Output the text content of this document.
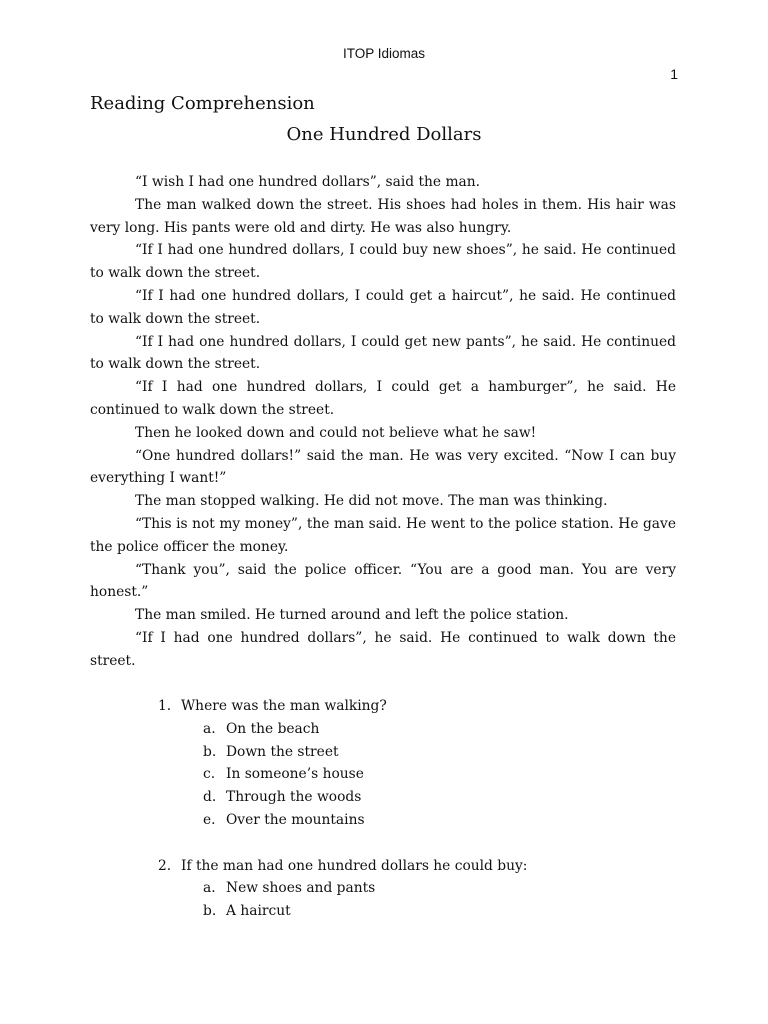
ITOP Idiomas
1
Reading Comprehension
One Hundred Dollars

“I wish I had one hundred dollars”, said the man.

The man walked down the street. His shoes had holes in them. His hair was very long. His pants were old and dirty. He was also hungry.

“If I had one hundred dollars, I could buy new shoes”, he said. He continued to walk down the street.

“If I had one hundred dollars, I could get a haircut”, he said. He continued to walk down the street.

“If I had one hundred dollars, I could get new pants”, he said. He continued to walk down the street.

“If I had one hundred dollars, I could get a hamburger”, he said. He continued to walk down the street.

Then he looked down and could not believe what he saw!

“One hundred dollars!” said the man. He was very excited. “Now I can buy everything I want!”

The man stopped walking. He did not move. The man was thinking.

“This is not my money”, the man said. He went to the police station. He gave the police officer the money.

“Thank you”, said the police officer. “You are a good man. You are very honest.”

The man smiled. He turned around and left the police station.

“If I had one hundred dollars”, he said. He continued to walk down the street.

1. Where was the man walking?
a. On the beach
b. Down the street
c. In someone’s house
d. Through the woods
e. Over the mountains
2. If the man had one hundred dollars he could buy:
a. New shoes and pants
b. A haircut
